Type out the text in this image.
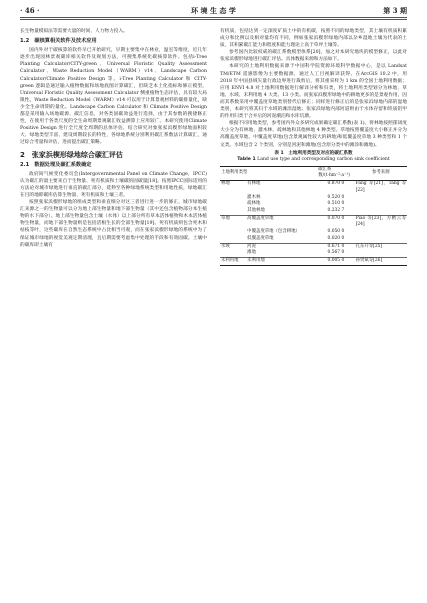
· 46 ·	环 境 生 态 学	第 3 期

长生物量模拟法等需要大量的时间、人力物力投入。

1.2　碳核算相关软件及技术应用

国内外对于碳核算的软件早已开始研究，早期主要集中在林业，温室等维度，近几年逐步出现园林景观碳库相关软件及规划方法，可搜集系统化碳核算软件。包括i-Tree Planting Calculator/CITY-green、Universal Floristic Quality Assessment Calculator、Waste Reduction Model（WARM）v14、Landscape Carbon Calculator/Climate Positive Design 等。i-Tree Planting Calculator 和 CITY-green 逻辑是通过输入植物数据和场地底图计算碳汇，但缺乏本土化指标和修正模型。Universal Floristic Quality Assessment Calculator 侧重植物生态评估，具有较大局限性。Waste Reduction Model（WARM）v14 可以用于计算景观材料的碳排量化，缺少全生命周期的量化。Landscape Carbon Calculator 和 Climate Positive Design 都是采用输入场地碳源、碳汇信息，对各类固碳效益进行选择，由于其参数的搜捷修正性，在使用于各类尺度的全生命周期景观碳汇收益测算上应用较广。本研究使用Climate Positive Design 进行全尺度全周期的总体评估，结合研究对象张家浜楔形绿地面积较大、绿地类型丰富、建设周期较长的特性，各绿地系统分别利用碳汇系数法计算碳汇，通过综合考量和评估，进而提出碳汇策略。

2　张家浜楔形绿地综合碳汇评估
2.1　数据处理及碳汇系数确定

政府间气候变化委员会(Intergovernmental Panel on Climate Change，IPCC)认为碳汇的量主要来自于生物量、死有机质和土壤碳的固碳量[18]。按照IPCC国际适用的方法论对城市绿地进行垂直的碳汇部分，延伸至各种绿地系统类型和用地性质，绿地碳汇在目的地即碳库估算生物量、死有机质和土壤三者。

按照张家浜楔形绿地的组成类型和垂直细分对这三者进行进一步的修正，城市绿地碳汇来源之一的生物量可以分为地上部生物量和地下部生物量（其中还包含植物部分本生植物的水下部分）。地上部生物量包含土壤（水体）以上部分所有草本活体植物和木本活体植物生物量，而地下部生物量则是包括活根生长的全部生物量[19]。死有机质则包含死木和枯枝等叶，这些碳库在自然生态系统中占比相当可观，而在张家浜楔形绿地的系统中为了保证城市绿地的视觉美观定期清理，且后期需要考虑集中处理的手段和有效固碳。土壤中的碳库即土壤有

有机质，包括达到一定深度矿质土中的有机碳，按照不同的绿地类型，其土壤有机质积累成分和比例以及相对量均有不同，例如张家浜楔形绿地内部以杂乡湿地土壤为代表的土质，其积累碳汇能力和程度和能力理论上高于草坪土壤等。

参考国内比较权威的碳汇系数模型体系[20]，加之对本研究地块的模型修正，以此对张家浜楔形绿地进行碳汇评估。具体数据来源和方法如下。

本研究的土地利用数据来源于中国科学院资源环境科学数据中心，是以 Landsat TM/ETM 遥感影像为主要数据源，通过人工目视解译获得。在ArcGIS 10.2 中，用 2018 年中国县域矢量行政边界进行裁剪后，将其重采样为 1 km 的全国土地利用数据；应用 ENVI 4.8 对土地利用数据进行解译分析和归类，将土地利用类型划分为林地、草地、水域、未利用地 4 大类、13 小类。而张家浜楔形绿地中的耕地更多的是景观作用，因而其系数采用中覆盖度草地类别替代后修正；同样进行修正后的是张家浜绿地内部的湿地类别，本研究将其归于水域的滩涂湿地；张家浜绿地内部河道则由于水体存留和铁质铝甲的作用归类于合并后的河泥潮泊和水库坑塘。

根据不同用地类型，参考国内外众多研究成果确定碳汇系数(表 1)。将林地按照郁闭度大小分为有林地、灌木林、疏林地和其他林地 4 种类型。草地按照覆盖度大小修正并分为高覆盖度草地、中覆盖度草地(包含景观属性较大的耕地)和低覆盖度草地 3 种类型和 1 个文类。水域包含 2 个类别，分别是河泥和滩地(包含原分类中的滩涂和滩地)。

表 1　土地利用类型及对应的碳汇系数
Table 1 Land use type and corresponding carbon sink coefficient
土地利用类型		碳汇系数/(t·hm⁻²·a⁻¹)	参考来源
林地	有林地	0.870 0	Fang 等[21]，Tang 等[22]
	灌木林	0.520 0	
	疏林地	0.510 0	
	其他林地	0.232 7	
草地	高覆盖度草地	0.070 0	Piao 等[23]，方精云等[24]
	中覆盖度草地（包含耕地）	0.050 0	
	低覆盖度草地	0.020 0	
水域	河泥	0.671 0	孔东升等[25]
	滩地	0.567 0	
未利用地	未利用地	0.005 0	孙贤斌等[26]
